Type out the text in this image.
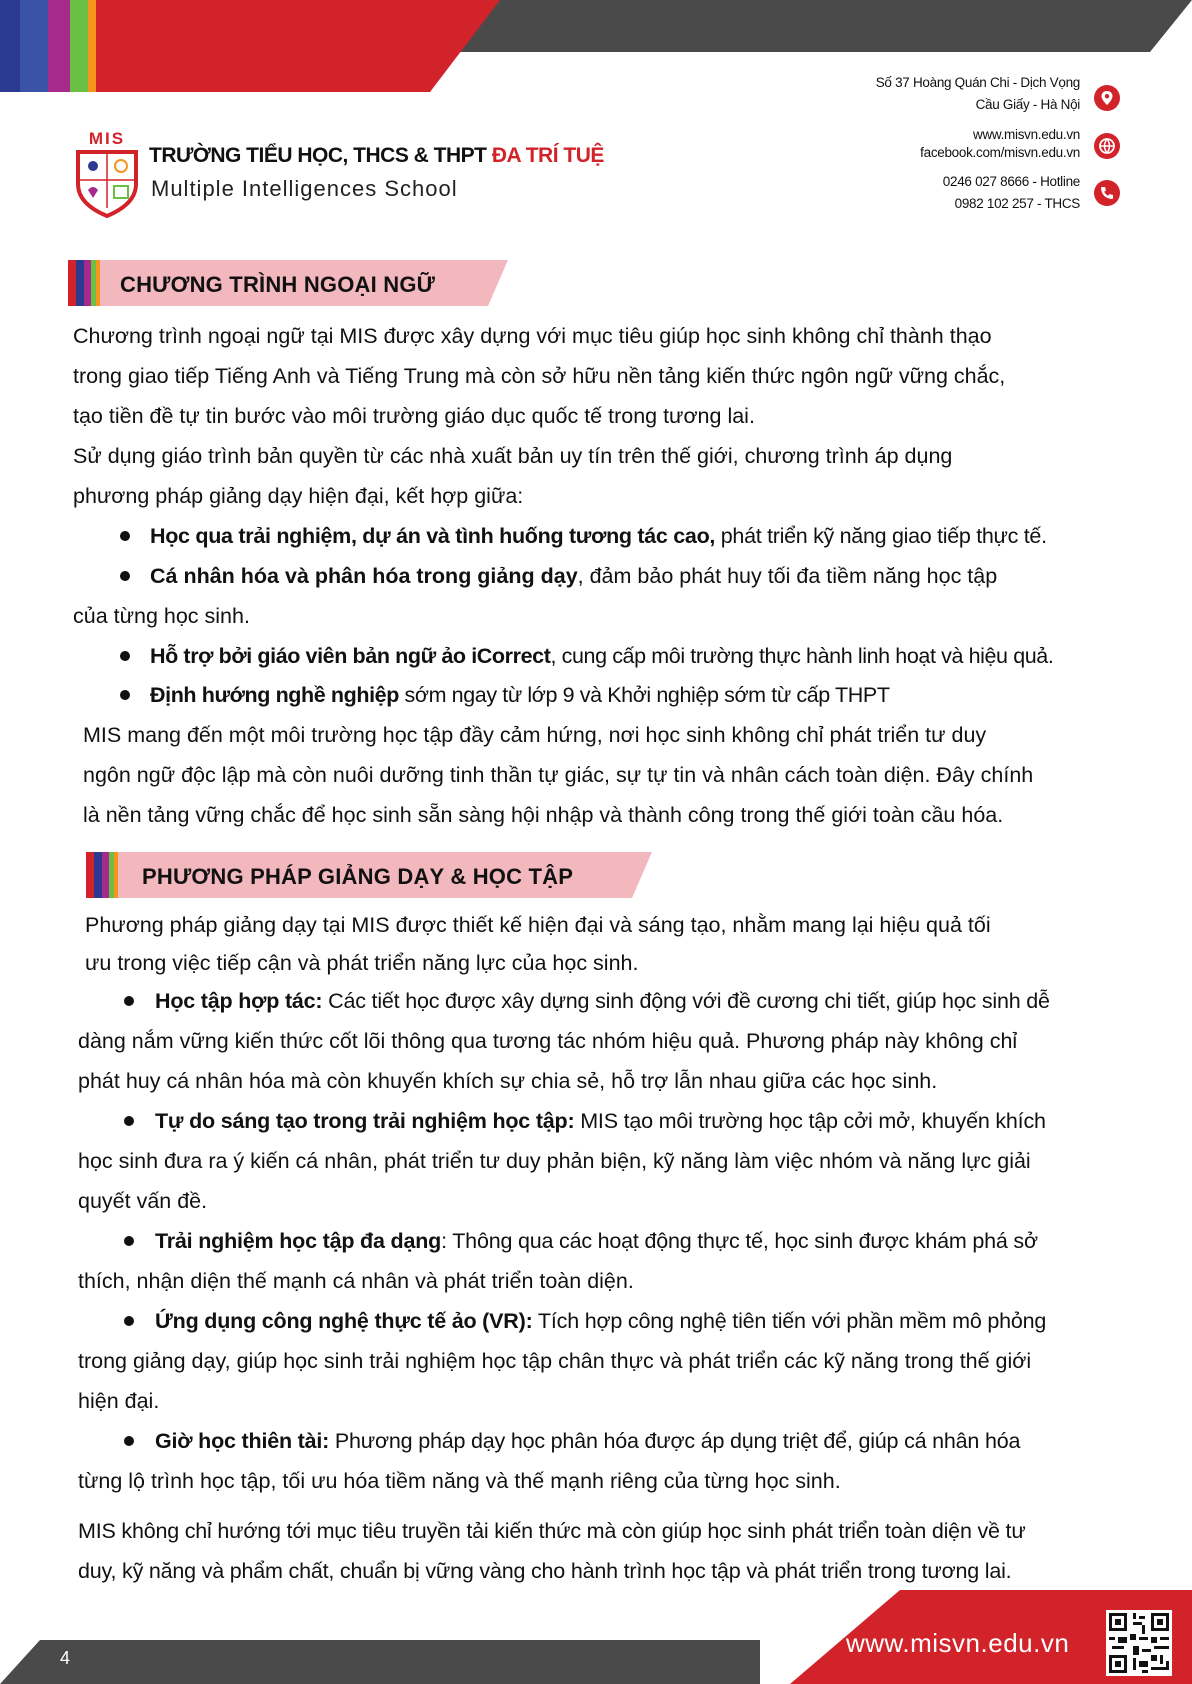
MIS
TRƯỜNG TIỂU HỌC, THCS & THPT ĐA TRÍ TUỆ
Multiple Intelligences School
Số 37 Hoàng Quán Chi - Dịch Vọng
Cầu Giấy - Hà Nội
www.misvn.edu.vn
facebook.com/misvn.edu.vn
0246 027 8666 - Hotline
0982 102 257 - THCS
CHƯƠNG TRÌNH NGOẠI NGỮ

Chương trình ngoại ngữ tại MIS được xây dựng với mục tiêu giúp học sinh không chỉ thành thạo

trong giao tiếp Tiếng Anh và Tiếng Trung mà còn sở hữu nền tảng kiến thức ngôn ngữ vững chắc,

tạo tiền đề tự tin bước vào môi trường giáo dục quốc tế trong tương lai.

Sử dụng giáo trình bản quyền từ các nhà xuất bản uy tín trên thế giới, chương trình áp dụng

phương pháp giảng dạy hiện đại, kết hợp giữa:

Học qua trải nghiệm, dự án và tình huống tương tác cao, phát triển kỹ năng giao tiếp thực tế.
Cá nhân hóa và phân hóa trong giảng dạy, đảm bảo phát huy tối đa tiềm năng học tập
của từng học sinh.
Hỗ trợ bởi giáo viên bản ngữ ảo iCorrect, cung cấp môi trường thực hành linh hoạt và hiệu quả.
Định hướng nghề nghiệp sớm ngay từ lớp 9 và Khởi nghiệp sớm từ cấp THPT

MIS mang đến một môi trường học tập đầy cảm hứng, nơi học sinh không chỉ phát triển tư duy

ngôn ngữ độc lập mà còn nuôi dưỡng tinh thần tự giác, sự tự tin và nhân cách toàn diện. Đây chính

là nền tảng vững chắc để học sinh sẵn sàng hội nhập và thành công trong thế giới toàn cầu hóa.

PHƯƠNG PHÁP GIẢNG DẠY & HỌC TẬP

Phương pháp giảng dạy tại MIS được thiết kế hiện đại và sáng tạo, nhằm mang lại hiệu quả tối

ưu trong việc tiếp cận và phát triển năng lực của học sinh.

Học tập hợp tác: Các tiết học được xây dựng sinh động với đề cương chi tiết, giúp học sinh dễ

dàng nắm vững kiến thức cốt lõi thông qua tương tác nhóm hiệu quả. Phương pháp này không chỉ

phát huy cá nhân hóa mà còn khuyến khích sự chia sẻ, hỗ trợ lẫn nhau giữa các học sinh.

Tự do sáng tạo trong trải nghiệm học tập: MIS tạo môi trường học tập cởi mở, khuyến khích

học sinh đưa ra ý kiến cá nhân, phát triển tư duy phản biện, kỹ năng làm việc nhóm và năng lực giải

quyết vấn đề.

Trải nghiệm học tập đa dạng: Thông qua các hoạt động thực tế, học sinh được khám phá sở

thích, nhận diện thế mạnh cá nhân và phát triển toàn diện.

Ứng dụng công nghệ thực tế ảo (VR): Tích hợp công nghệ tiên tiến với phần mềm mô phỏng

trong giảng dạy, giúp học sinh trải nghiệm học tập chân thực và phát triển các kỹ năng trong thế giới

hiện đại.

Giờ học thiên tài: Phương pháp dạy học phân hóa được áp dụng triệt để, giúp cá nhân hóa

từng lộ trình học tập, tối ưu hóa tiềm năng và thế mạnh riêng của từng học sinh.

MIS không chỉ hướng tới mục tiêu truyền tải kiến thức mà còn giúp học sinh phát triển toàn diện về tư

duy, kỹ năng và phẩm chất, chuẩn bị vững vàng cho hành trình học tập và phát triển trong tương lai.

4	www.misvn.edu.vn
